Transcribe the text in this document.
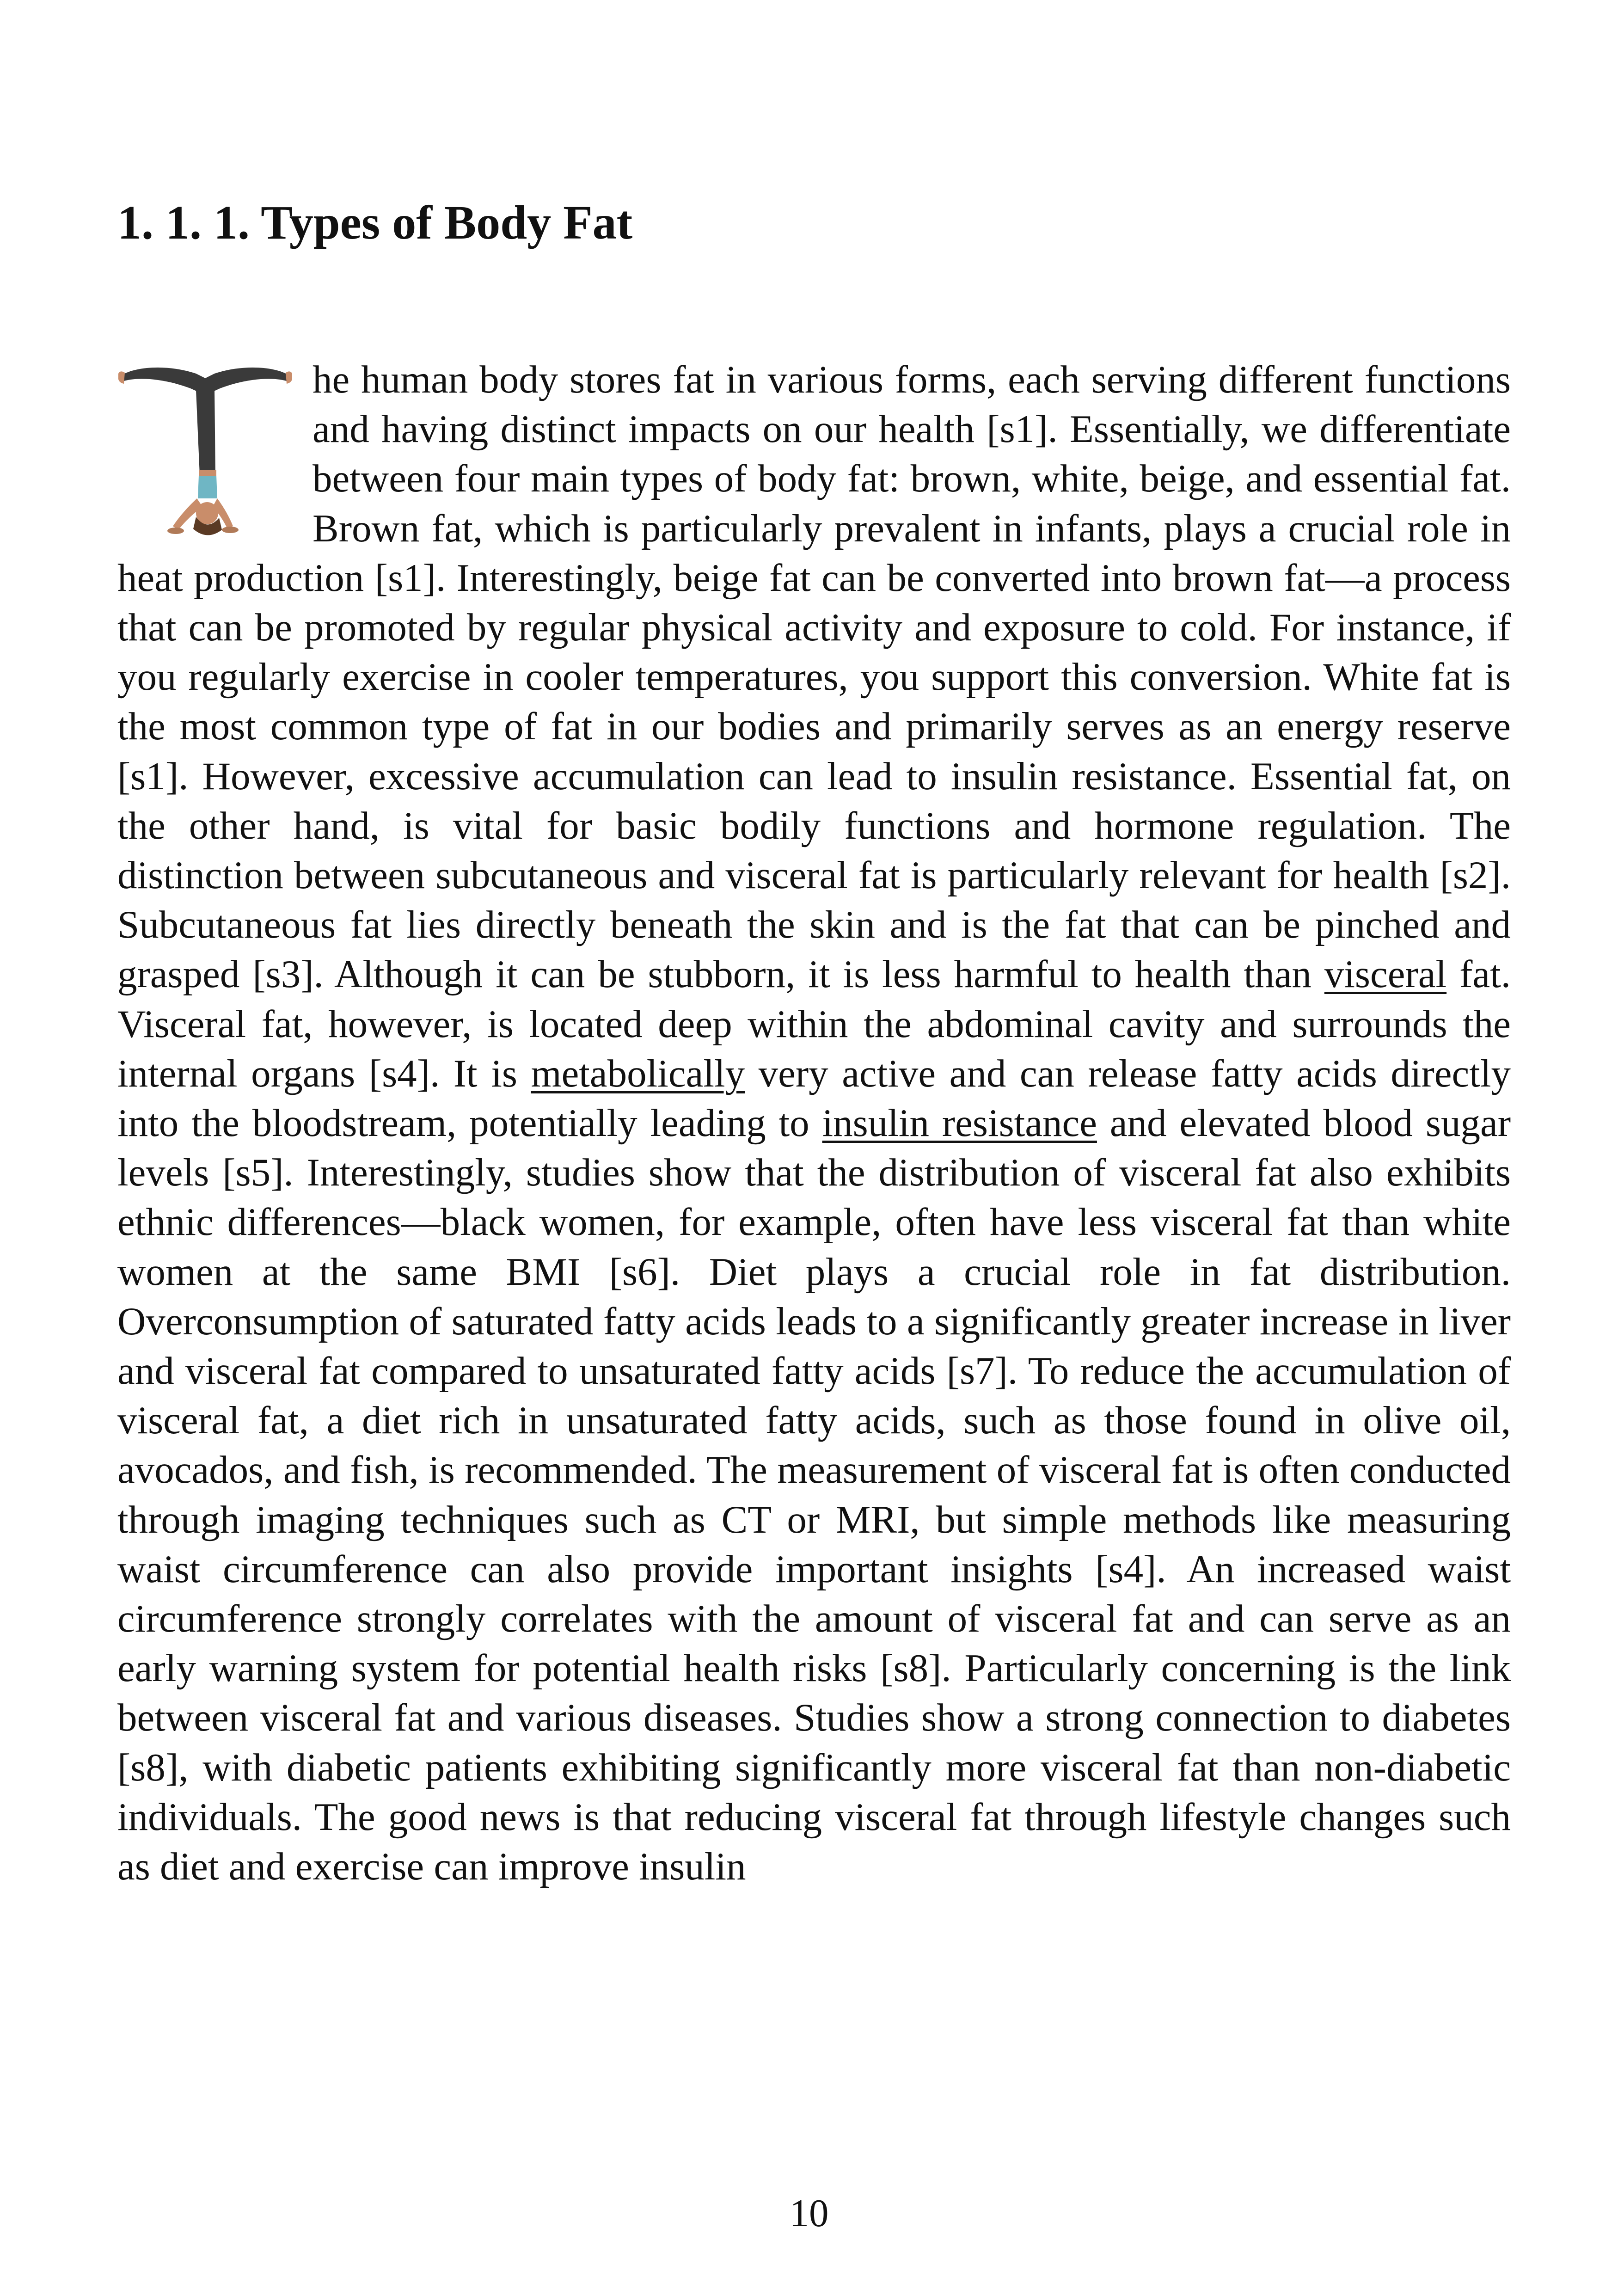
1. 1. 1. Types of Body Fat

he human body stores fat in various forms, each serving different functions and having distinct impacts on our health [s1]. Essentially, we differentiate between four main types of body fat: brown, white, beige, and essential fat. Brown fat, which is particularly prevalent in infants, plays a crucial role in heat production [s1]. Interestingly, beige fat can be converted into brown fat—a process that can be promoted by regular physical activity and exposure to cold. For instance, if you regularly exercise in cooler temperatures, you support this conversion. White fat is the most common type of fat in our bodies and primarily serves as an energy reserve [s1]. However, excessive accumulation can lead to insulin resistance. Essential fat, on the other hand, is vital for basic bodily functions and hormone regulation. The distinction between subcutaneous and visceral fat is particularly relevant for health [s2]. Subcutaneous fat lies directly beneath the skin and is the fat that can be pinched and grasped [s3]. Although it can be stubborn, it is less harmful to health than visceral fat. Visceral fat, however, is located deep within the abdominal cavity and surrounds the internal organs [s4]. It is metabolically very active and can release fatty acids directly into the bloodstream, potentially leading to insulin resistance and elevated blood sugar levels [s5]. Interestingly, studies show that the distribution of visceral fat also exhibits ethnic differences—black women, for example, often have less visceral fat than white women at the same BMI [s6]. Diet plays a crucial role in fat distribution. Overconsumption of saturated fatty acids leads to a significantly greater increase in liver and visceral fat compared to unsaturated fatty acids [s7]. To reduce the accumulation of visceral fat, a diet rich in unsaturated fatty acids, such as those found in olive oil, avocados, and fish, is recommended. The measurement of visceral fat is often conducted through imaging techniques such as CT or MRI, but simple methods like measuring waist circumference can also provide important insights [s4]. An increased waist circumference strongly correlates with the amount of visceral fat and can serve as an early warning system for potential health risks [s8]. Particularly concerning is the link between visceral fat and various diseases. Studies show a strong connection to diabetes [s8], with diabetic patients exhibiting significantly more visceral fat than non-diabetic individuals. The good news is that reducing visceral fat through lifestyle changes such as diet and exercise can improve insulin

10
